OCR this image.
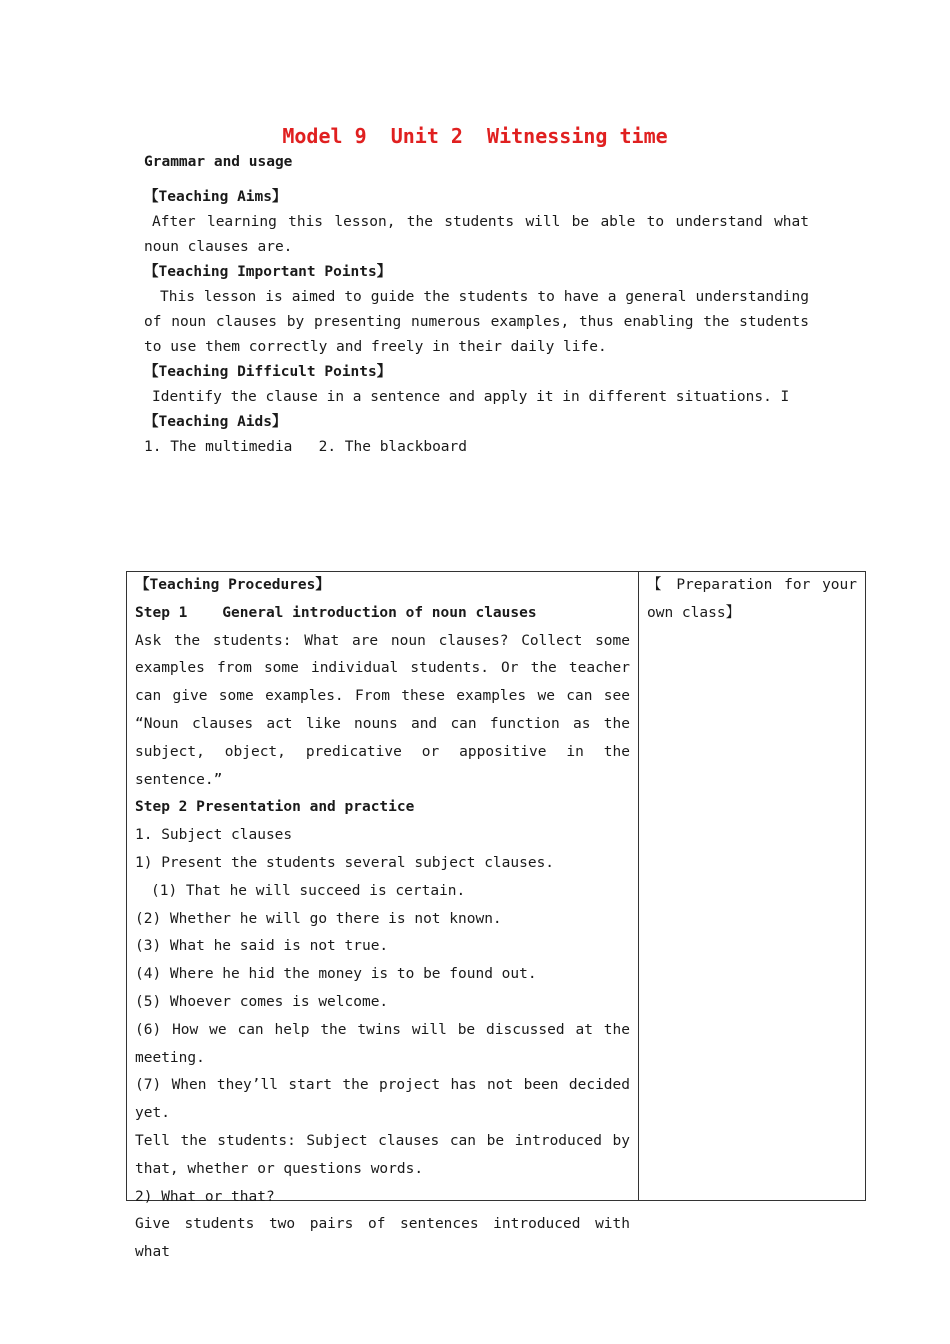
Model 9  Unit 2  Witnessing time
Grammar and usage
【Teaching Aims】
After learning this lesson, the students will be able to understand what noun clauses are.
【Teaching Important Points】
This lesson is aimed to guide the students to have a general understanding of noun clauses by presenting numerous examples, thus enabling the students to use them correctly and freely in their daily life.
【Teaching Difficult Points】
Identify the clause in a sentence and apply it in different situations. I
【Teaching Aids】
1. The multimedia   2. The blackboard
【Teaching Procedures】
Step 1    General introduction of noun clauses
Ask the students: What are noun clauses? Collect some examples from some individual students. Or the teacher can give some examples. From these examples we can see “Noun clauses act like nouns and can function as the subject, object, predicative or appositive in the sentence.”
Step 2 Presentation and practice
1. Subject clauses
1) Present the students several subject clauses.
(1) That he will succeed is certain.
(2) Whether he will go there is not known.
(3) What he said is not true.
(4) Where he hid the money is to be found out.
(5) Whoever comes is welcome.
(6) How we can help the twins will be discussed at the meeting.
(7) When they’ll start the project has not been decided yet.
Tell the students: Subject clauses can be introduced by that, whether or questions words.
2) What or that?
Give students two pairs of sentences introduced with what

【 Preparation for your own class】
